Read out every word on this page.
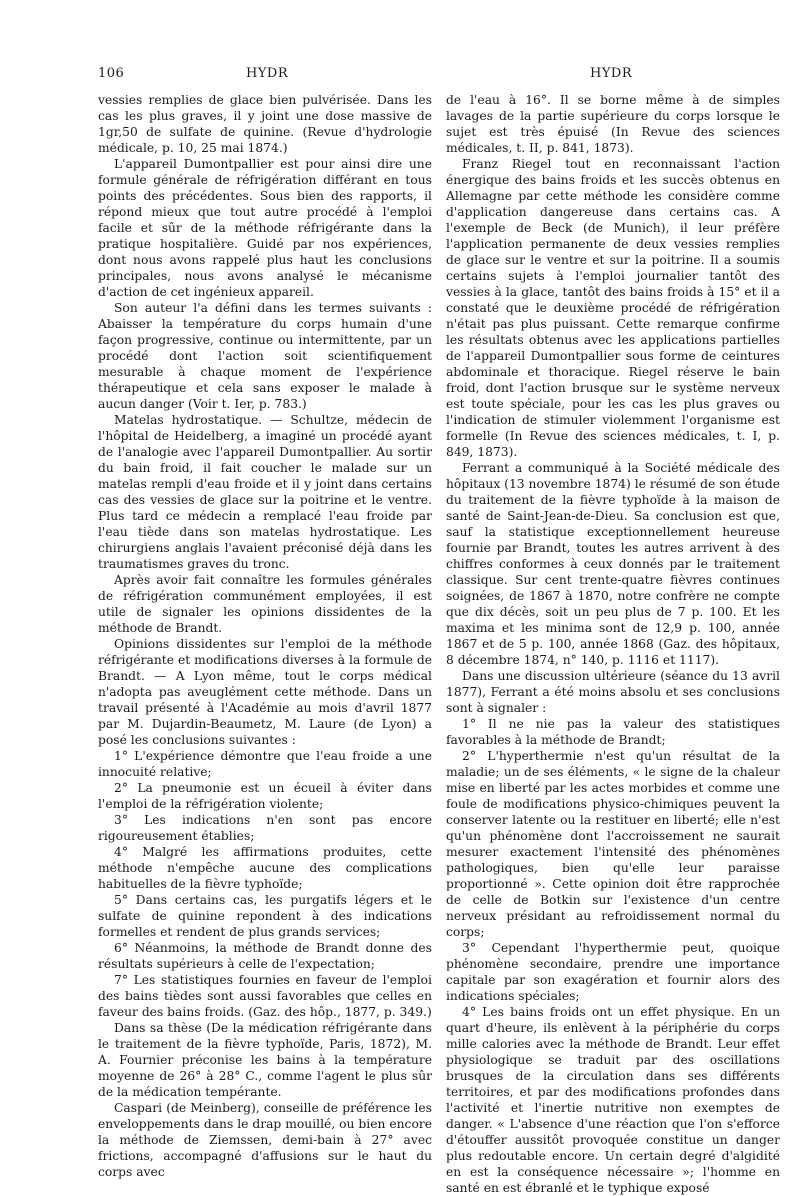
106	HYDR	HYDR

vessies remplies de glace bien pulvérisée. Dans les cas les plus graves, il y joint une dose massive de 1gr,50 de sulfate de quinine. (Revue d'hydrologie médicale, p. 10, 25 mai 1874.)

L'appareil Dumontpallier est pour ainsi dire une formule générale de réfrigération différant en tous points des précédentes. Sous bien des rapports, il répond mieux que tout autre procédé à l'emploi facile et sûr de la méthode réfrigérante dans la pratique hospitalière. Guidé par nos expériences, dont nous avons rappelé plus haut les conclusions principales, nous avons analysé le mécanisme d'action de cet ingénieux appareil.

Son auteur l'a défini dans les termes suivants : Abaisser la température du corps humain d'une façon progressive, continue ou intermittente, par un procédé dont l'action soit scientifiquement mesurable à chaque moment de l'expérience thérapeutique et cela sans exposer le malade à aucun danger (Voir t. Ier, p. 783.)

Matelas hydrostatique. — Schultze, médecin de l'hôpital de Heidelberg, a imaginé un procédé ayant de l'analogie avec l'appareil Dumontpallier. Au sortir du bain froid, il fait coucher le malade sur un matelas rempli d'eau froide et il y joint dans certains cas des vessies de glace sur la poitrine et le ventre. Plus tard ce médecin a remplacé l'eau froide par l'eau tiède dans son matelas hydrostatique. Les chirurgiens anglais l'avaient préconisé déjà dans les traumatismes graves du tronc.

Après avoir fait connaître les formules générales de réfrigération communément employées, il est utile de signaler les opinions dissidentes de la méthode de Brandt.

Opinions dissidentes sur l'emploi de la méthode réfrigérante et modifications diverses à la formule de Brandt. — A Lyon même, tout le corps médical n'adopta pas aveuglément cette méthode. Dans un travail présenté à l'Académie au mois d'avril 1877 par M. Dujardin-Beaumetz, M. Laure (de Lyon) a posé les conclusions suivantes :

1° L'expérience démontre que l'eau froide a une innocuité relative;

2° La pneumonie est un écueil à éviter dans l'emploi de la réfrigération violente;

3° Les indications n'en sont pas encore rigoureusement établies;

4° Malgré les affirmations produites, cette méthode n'empêche aucune des complications habituelles de la fièvre typhoïde;

5° Dans certains cas, les purgatifs légers et le sulfate de quinine repondent à des indications formelles et rendent de plus grands services;

6° Néanmoins, la méthode de Brandt donne des résultats supérieurs à celle de l'expectation;

7° Les statistiques fournies en faveur de l'emploi des bains tièdes sont aussi favorables que celles en faveur des bains froids. (Gaz. des hôp., 1877, p. 349.)

Dans sa thèse (De la médication réfrigérante dans le traitement de la fièvre typhoïde, Paris, 1872), M. A. Fournier préconise les bains à la température moyenne de 26° à 28° C., comme l'agent le plus sûr de la médication tempérante.

Caspari (de Meinberg), conseille de préférence les enveloppements dans le drap mouillé, ou bien encore la méthode de Ziemssen, demi-bain à 27° avec frictions, accompagné d'affusions sur le haut du corps avec

de l'eau à 16°. Il se borne même à de simples lavages de la partie supérieure du corps lorsque le sujet est très épuisé (In Revue des sciences médicales, t. II, p. 841, 1873).

Franz Riegel tout en reconnaissant l'action énergique des bains froids et les succès obtenus en Allemagne par cette méthode les considère comme d'application dangereuse dans certains cas. A l'exemple de Beck (de Munich), il leur préfère l'application permanente de deux vessies remplies de glace sur le ventre et sur la poitrine. Il a soumis certains sujets à l'emploi journalier tantôt des vessies à la glace, tantôt des bains froids à 15° et il a constaté que le deuxième procédé de réfrigération n'était pas plus puissant. Cette remarque confirme les résultats obtenus avec les applications partielles de l'appareil Dumontpallier sous forme de ceintures abdominale et thoracique. Riegel réserve le bain froid, dont l'action brusque sur le système nerveux est toute spéciale, pour les cas les plus graves ou l'indication de stimuler violemment l'organisme est formelle (In Revue des sciences médicales, t. I, p. 849, 1873).

Ferrant a communiqué à la Société médicale des hôpitaux (13 novembre 1874) le résumé de son étude du traitement de la fièvre typhoïde à la maison de santé de Saint-Jean-de-Dieu. Sa conclusion est que, sauf la statistique exceptionnellement heureuse fournie par Brandt, toutes les autres arrivent à des chiffres conformes à ceux donnés par le traitement classique. Sur cent trente-quatre fièvres continues soignées, de 1867 à 1870, notre confrère ne compte que dix décès, soit un peu plus de 7 p. 100. Et les maxima et les minima sont de 12,9 p. 100, année 1867 et de 5 p. 100, année 1868 (Gaz. des hôpitaux, 8 décembre 1874, n° 140, p. 1116 et 1117).

Dans une discussion ultérieure (séance du 13 avril 1877), Ferrant a été moins absolu et ses conclusions sont à signaler :

1° Il ne nie pas la valeur des statistiques favorables à la méthode de Brandt;

2° L'hyperthermie n'est qu'un résultat de la maladie; un de ses éléments, « le signe de la chaleur mise en liberté par les actes morbides et comme une foule de modifications physico-chimiques peuvent la conserver latente ou la restituer en liberté; elle n'est qu'un phénomène dont l'accroissement ne saurait mesurer exactement l'intensité des phénomènes pathologiques, bien qu'elle leur paraisse proportionné ». Cette opinion doit être rapprochée de celle de Botkin sur l'existence d'un centre nerveux présidant au refroidissement normal du corps;

3° Cependant l'hyperthermie peut, quoique phénomène secondaire, prendre une importance capitale par son exagération et fournir alors des indications spéciales;

4° Les bains froids ont un effet physique. En un quart d'heure, ils enlèvent à la périphérie du corps mille calories avec la méthode de Brandt. Leur effet physiologique se traduit par des oscillations brusques de la circulation dans ses différents territoires, et par des modifications profondes dans l'activité et l'inertie nutritive non exemptes de danger. « L'absence d'une réaction que l'on s'efforce d'étouffer aussitôt provoquée constitue un danger plus redoutable encore. Un certain degré d'algidité en est la conséquence nécessaire »; l'homme en santé en est ébranlé et le typhique exposé
